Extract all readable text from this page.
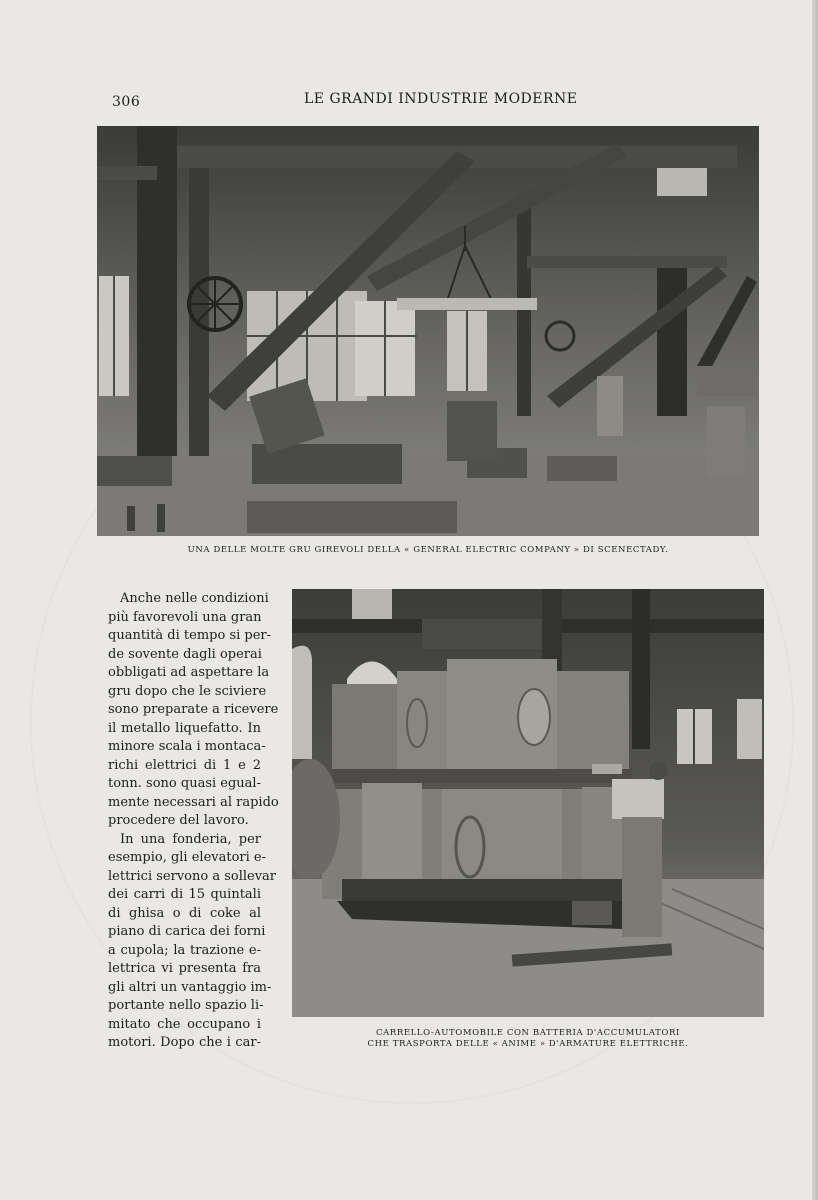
306	LE GRANDI INDUSTRIE MODERNE
UNA DELLE MOLTE GRU GIREVOLI DELLA « GENERAL ELECTRIC COMPANY » DI SCENECTADY.
CARRELLO-AUTOMOBILE CON BATTERIA D'ACCUMULATORI
CHE TRASPORTA DELLE « ANIME » D'ARMATURE ELETTRICHE.
Anche nelle condizioni
più favorevoli una gran
quantità di tempo si per-
de sovente dagli operai
obbligati ad aspettare la
gru dopo che le sciviere
sono preparate a ricevere
il metallo liquefatto. In
minore scala i montaca-
richi elettrici di 1 e 2
tonn. sono quasi egual-
mente necessari al rapido
procedere del lavoro.
In una fonderia, per
esempio, gli elevatori e-
lettrici servono a sollevar
dei carri di 15 quintali
di ghisa o di coke al
piano di carica dei forni
a cupola; la trazione e-
lettrica vi presenta fra
gli altri un vantaggio im-
portante nello spazio li-
mitato che occupano i
motori. Dopo che i car-
